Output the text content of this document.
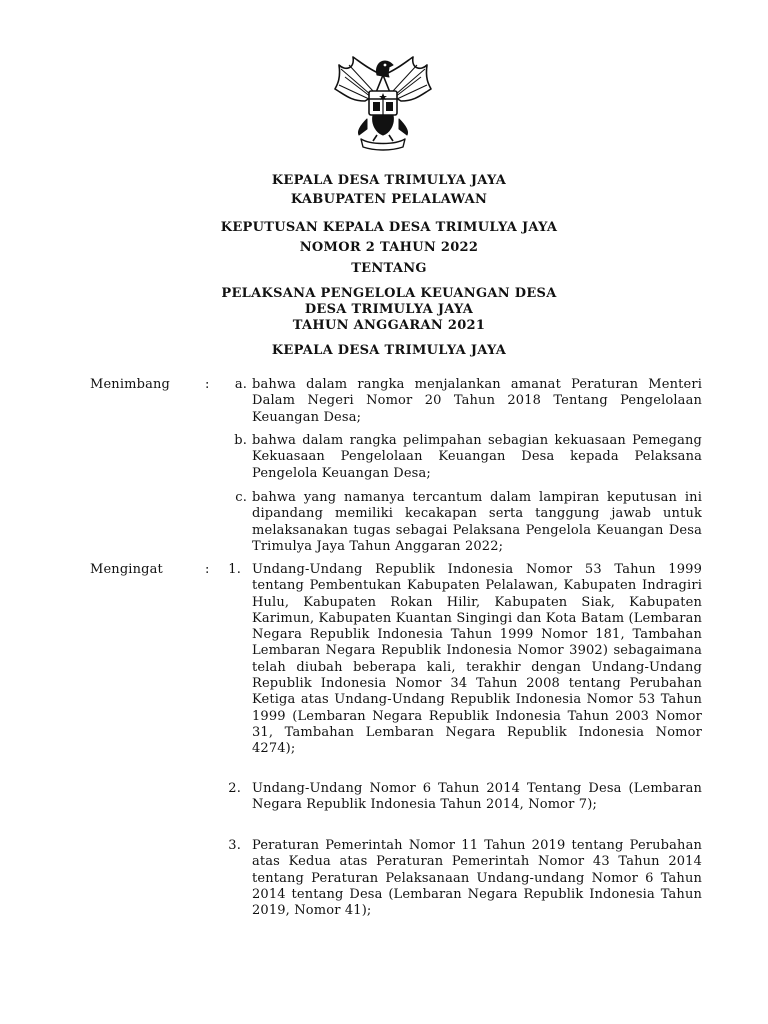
KEPALA DESA TRIMULYA JAYA
KABUPATEN PELALAWAN
KEPUTUSAN KEPALA DESA TRIMULYA JAYA
NOMOR 2 TAHUN 2022
TENTANG
PELAKSANA PENGELOLA KEUANGAN DESA
DESA TRIMULYA JAYA
TAHUN ANGGARAN 2021
KEPALA DESA TRIMULYA JAYA
Menimbang	:	a. bahwa dalam rangka menjalankan amanat Peraturan Menteri Dalam Negeri Nomor 20 Tahun 2018 Tentang Pengelolaan Keuangan Desa;
b. bahwa dalam rangka pelimpahan sebagian kekuasaan Pemegang Kekuasaan Pengelolaan Keuangan Desa kepada Pelaksana Pengelola Keuangan Desa;
c. bahwa yang namanya tercantum dalam lampiran keputusan ini dipandang memiliki kecakapan serta tanggung jawab untuk melaksanakan tugas sebagai Pelaksana Pengelola Keuangan Desa Trimulya Jaya Tahun Anggaran 2022;
Mengingat	:	1. Undang-Undang Republik Indonesia Nomor 53 Tahun 1999 tentang Pembentukan Kabupaten Pelalawan, Kabupaten Indragiri Hulu, Kabupaten Rokan Hilir, Kabupaten Siak, Kabupaten Karimun, Kabupaten Kuantan Singingi dan Kota Batam (Lembaran Negara Republik Indonesia Tahun 1999 Nomor 181, Tambahan Lembaran Negara Republik Indonesia Nomor 3902) sebagaimana telah diubah beberapa kali, terakhir dengan Undang-Undang Republik Indonesia Nomor 34 Tahun 2008 tentang Perubahan Ketiga atas Undang-Undang Republik Indonesia Nomor 53 Tahun 1999 (Lembaran Negara Republik Indonesia Tahun 2003 Nomor 31, Tambahan Lembaran Negara Republik Indonesia Nomor 4274);
2. Undang-Undang Nomor 6 Tahun 2014 Tentang Desa (Lembaran Negara Republik Indonesia Tahun 2014, Nomor 7);
3. Peraturan Pemerintah Nomor 11 Tahun 2019 tentang Perubahan atas Kedua atas Peraturan Pemerintah Nomor 43 Tahun 2014 tentang Peraturan Pelaksanaan Undang-undang Nomor 6 Tahun 2014 tentang Desa (Lembaran Negara Republik Indonesia Tahun 2019, Nomor 41);
